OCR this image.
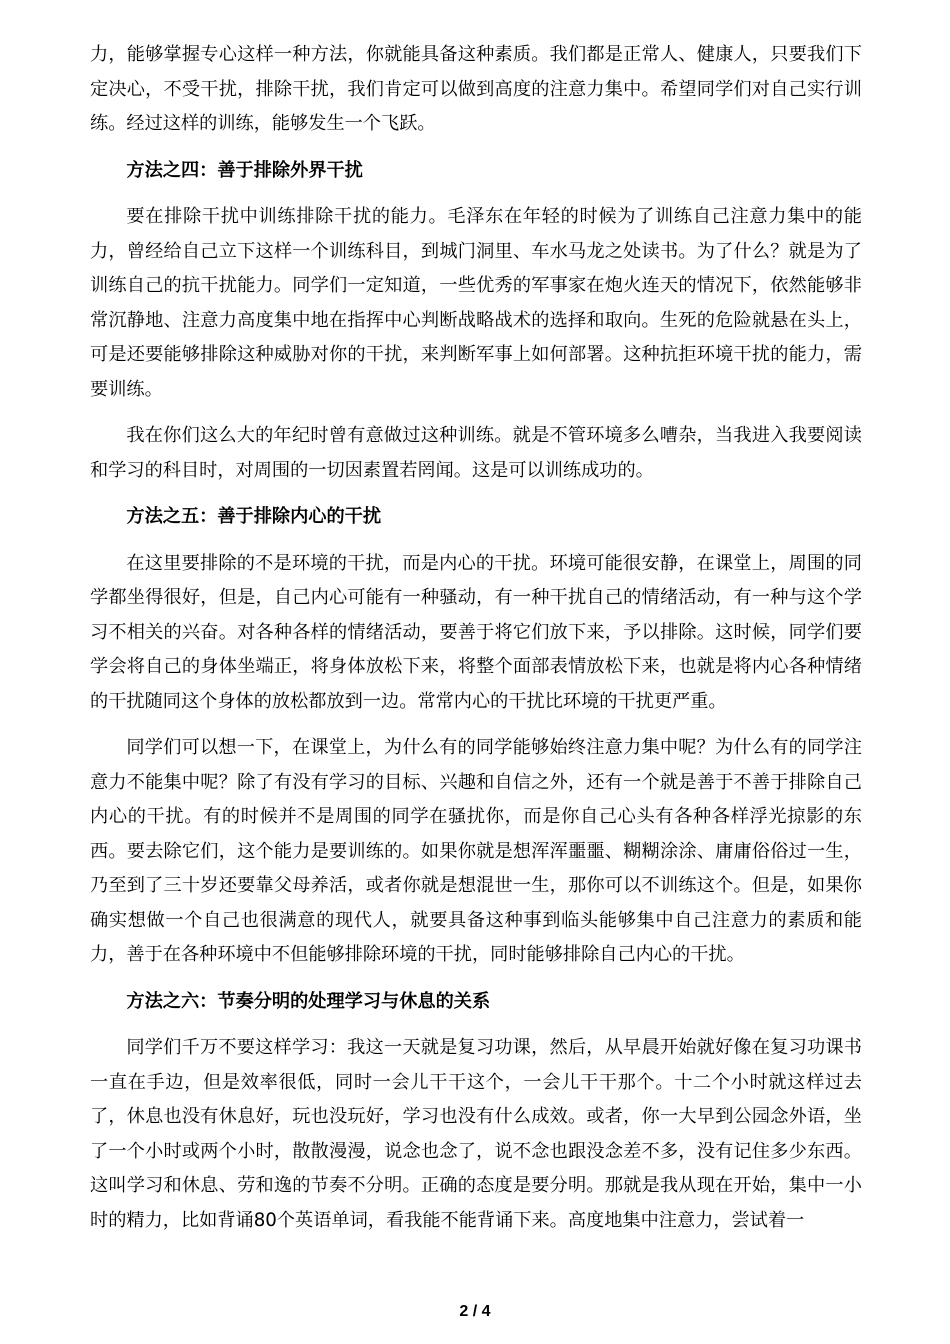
力，能够掌握专心这样一种方法，你就能具备这种素质。我们都是正常人、健康人，只要我们下定决心，不受干扰，排除干扰，我们肯定可以做到高度的注意力集中。希望同学们对自己实行训练。经过这样的训练，能够发生一个飞跃。

方法之四：善于排除外界干扰

要在排除干扰中训练排除干扰的能力。毛泽东在年轻的时候为了训练自己注意力集中的能力，曾经给自己立下这样一个训练科目，到城门洞里、车水马龙之处读书。为了什么？就是为了训练自己的抗干扰能力。同学们一定知道，一些优秀的军事家在炮火连天的情况下，依然能够非常沉静地、注意力高度集中地在指挥中心判断战略战术的选择和取向。生死的危险就悬在头上，可是还要能够排除这种威胁对你的干扰，来判断军事上如何部署。这种抗拒环境干扰的能力，需要训练。

我在你们这么大的年纪时曾有意做过这种训练。就是不管环境多么嘈杂，当我进入我要阅读和学习的科目时，对周围的一切因素置若罔闻。这是可以训练成功的。

方法之五：善于排除内心的干扰

在这里要排除的不是环境的干扰，而是内心的干扰。环境可能很安静，在课堂上，周围的同学都坐得很好，但是，自己内心可能有一种骚动，有一种干扰自己的情绪活动，有一种与这个学习不相关的兴奋。对各种各样的情绪活动，要善于将它们放下来，予以排除。这时候，同学们要学会将自己的身体坐端正，将身体放松下来，将整个面部表情放松下来，也就是将内心各种情绪的干扰随同这个身体的放松都放到一边。常常内心的干扰比环境的干扰更严重。

同学们可以想一下，在课堂上，为什么有的同学能够始终注意力集中呢？为什么有的同学注意力不能集中呢？除了有没有学习的目标、兴趣和自信之外，还有一个就是善于不善于排除自己内心的干扰。有的时候并不是周围的同学在骚扰你，而是你自己心头有各种各样浮光掠影的东西。要去除它们，这个能力是要训练的。如果你就是想浑浑噩噩、糊糊涂涂、庸庸俗俗过一生，乃至到了三十岁还要靠父母养活，或者你就是想混世一生，那你可以不训练这个。但是，如果你确实想做一个自己也很满意的现代人，就要具备这种事到临头能够集中自己注意力的素质和能力，善于在各种环境中不但能够排除环境的干扰，同时能够排除自己内心的干扰。

方法之六：节奏分明的处理学习与休息的关系

同学们千万不要这样学习：我这一天就是复习功课，然后，从早晨开始就好像在复习功课书一直在手边，但是效率很低，同时一会儿干干这个，一会儿干干那个。十二个小时就这样过去了，休息也没有休息好，玩也没玩好，学习也没有什么成效。或者，你一大早到公园念外语，坐了一个小时或两个小时，散散漫漫，说念也念了，说不念也跟没念差不多，没有记住多少东西。这叫学习和休息、劳和逸的节奏不分明。正确的态度是要分明。那就是我从现在开始，集中一小时的精力，比如背诵80个英语单词，看我能不能背诵下来。高度地集中注意力，尝试着一

2 / 4
